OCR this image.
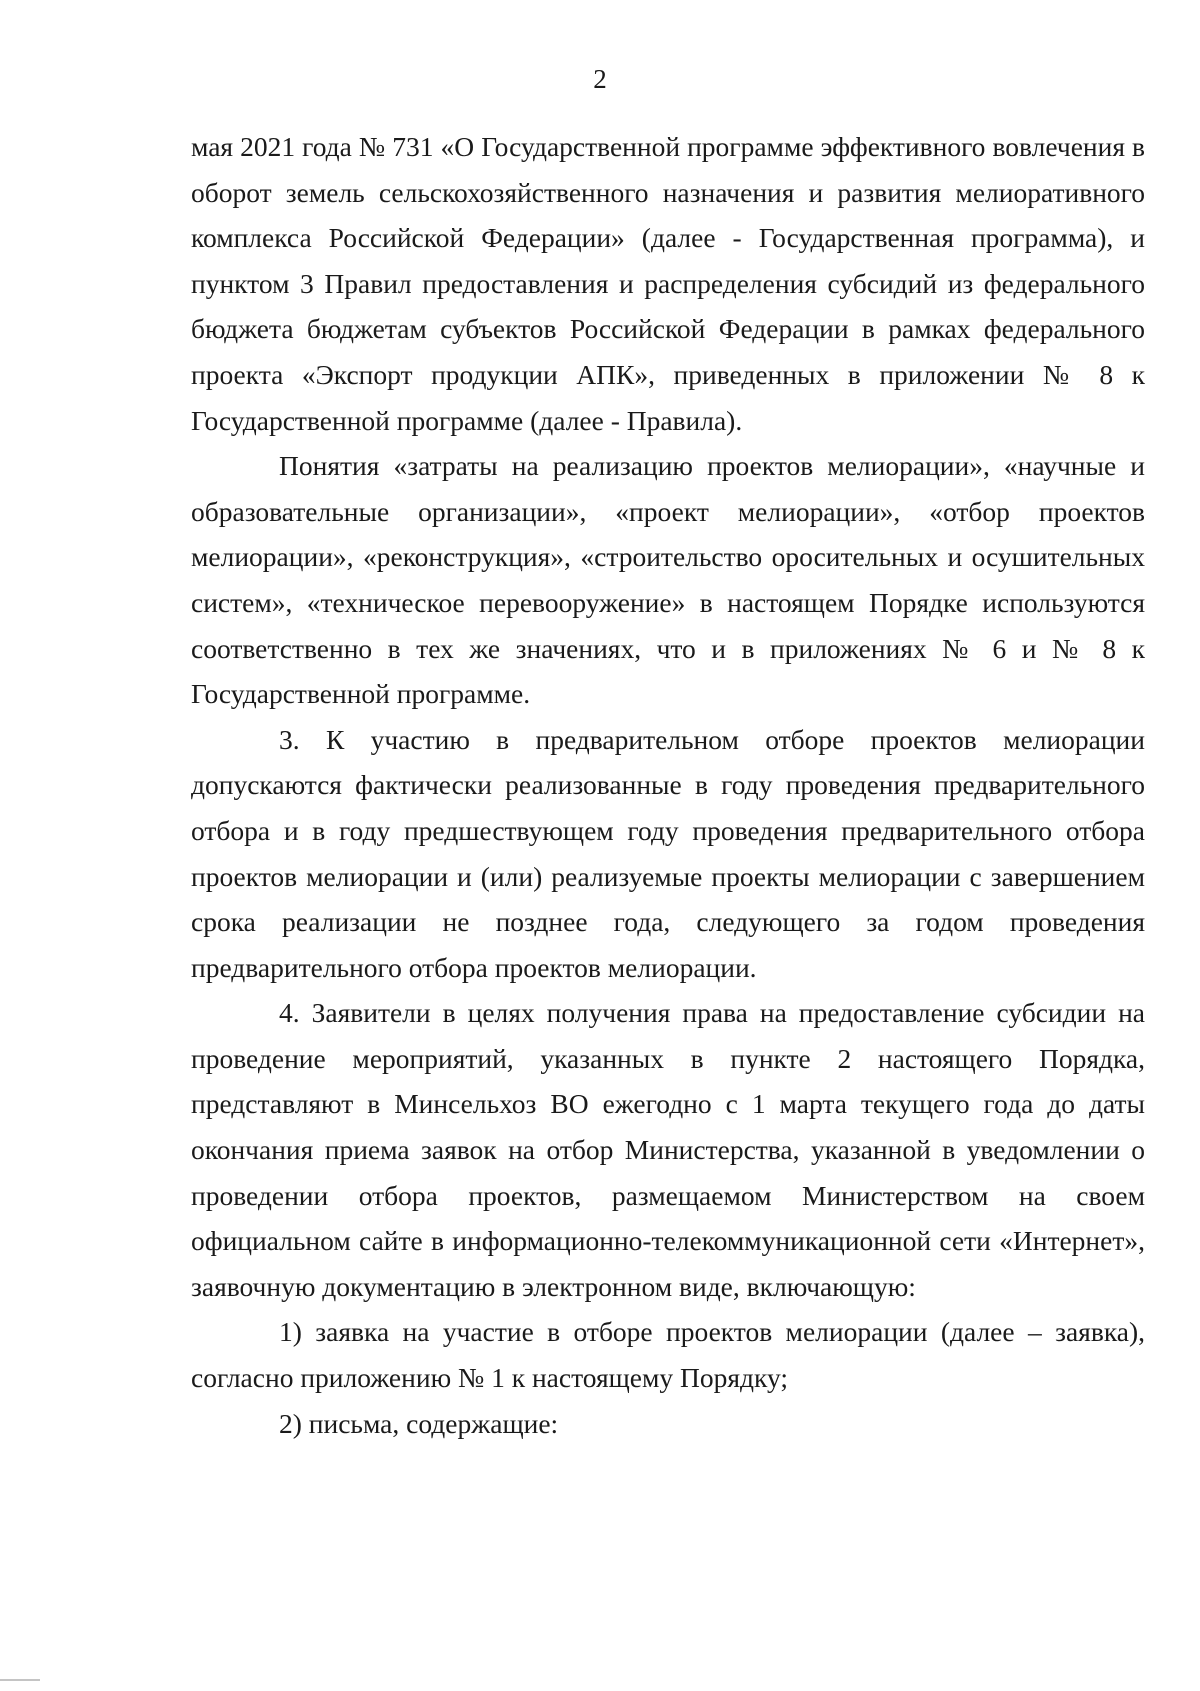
2

мая 2021 года № 731 «О Государственной программе эффективного вовлечения в оборот земель сельскохозяйственного назначения и развития мелиоративного комплекса Российской Федерации» (далее - Государственная программа), и пунктом 3 Правил предоставления и распределения субсидий из федерального бюджета бюджетам субъектов Российской Федерации в рамках федерального проекта «Экспорт продукции АПК», приведенных в приложении № 8 к Государственной программе (далее - Правила).

Понятия «затраты на реализацию проектов мелиорации», «научные и образовательные организации», «проект мелиорации», «отбор проектов мелиорации», «реконструкция», «строительство оросительных и осушительных систем», «техническое перевооружение» в настоящем Порядке используются соответственно в тех же значениях, что и в приложениях № 6 и № 8 к Государственной программе.

3. К участию в предварительном отборе проектов мелиорации допускаются фактически реализованные в году проведения предварительного отбора и в году предшествующем году проведения предварительного отбора проектов мелиорации и (или) реализуемые проекты мелиорации с завершением срока реализации не позднее года, следующего за годом проведения предварительного отбора проектов мелиорации.

4. Заявители в целях получения права на предоставление субсидии на проведение мероприятий, указанных в пункте 2 настоящего Порядка, представляют в Минсельхоз ВО ежегодно с 1 марта текущего года до даты окончания приема заявок на отбор Министерства, указанной в уведомлении о проведении отбора проектов, размещаемом Министерством на своем официальном сайте в информационно-телекоммуникационной сети «Интернет», заявочную документацию в электронном виде, включающую:

1) заявка на участие в отборе проектов мелиорации (далее – заявка), согласно приложению № 1 к настоящему Порядку;

2) письма, содержащие:
